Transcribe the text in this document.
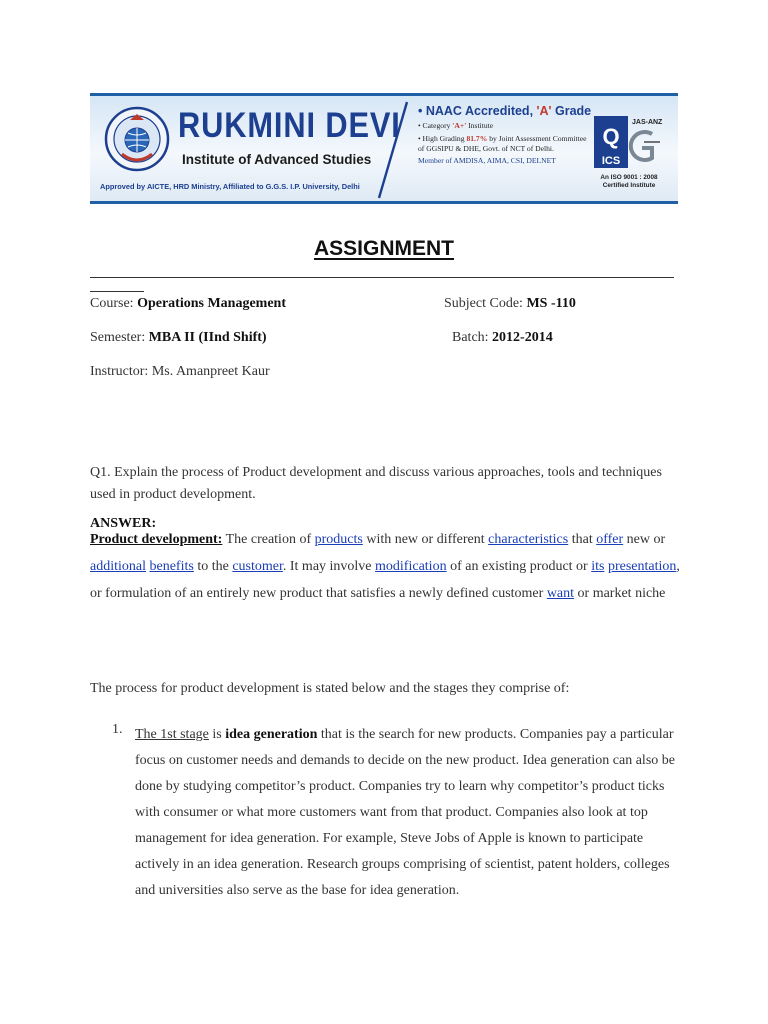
RUKMINI DEVI
Institute of Advanced Studies
Approved by AICTE, HRD Ministry, Affiliated to G.G.S. I.P. University, Delhi
• NAAC Accredited, 'A' Grade
• Category 'A+' Institute
• High Grading 81.7% by Joint Assessment Committee of GGSIPU & DHE, Govt. of NCT of Delhi.
Member of AMDISA, AIMA, CSI, DELNET
Q
ICS
JAS-ANZ
An ISO 9001 : 2008
Certified Institute
ASSIGNMENT
Course: Operations Management	Subject Code: MS -110
Semester: MBA II (IInd Shift)	Batch: 2012-2014
Instructor: Ms. Amanpreet Kaur
Q1. Explain the process of Product development and discuss various approaches, tools and techniques used in product development.
ANSWER:
Product development: The creation of products with new or different characteristics that offer new or additional benefits to the customer. It may involve modification of an existing product or its presentation, or formulation of an entirely new product that satisfies a newly defined customer want or market niche
The process for product development is stated below and the stages they comprise of:
1. The 1st stage is idea generation that is the search for new products. Companies pay a particular focus on customer needs and demands to decide on the new product. Idea generation can also be done by studying competitor’s product. Companies try to learn why competitor’s product ticks with consumer or what more customers want from that product. Companies also look at top management for idea generation. For example, Steve Jobs of Apple is known to participate actively in an idea generation. Research groups comprising of scientist, patent holders, colleges and universities also serve as the base for idea generation.
